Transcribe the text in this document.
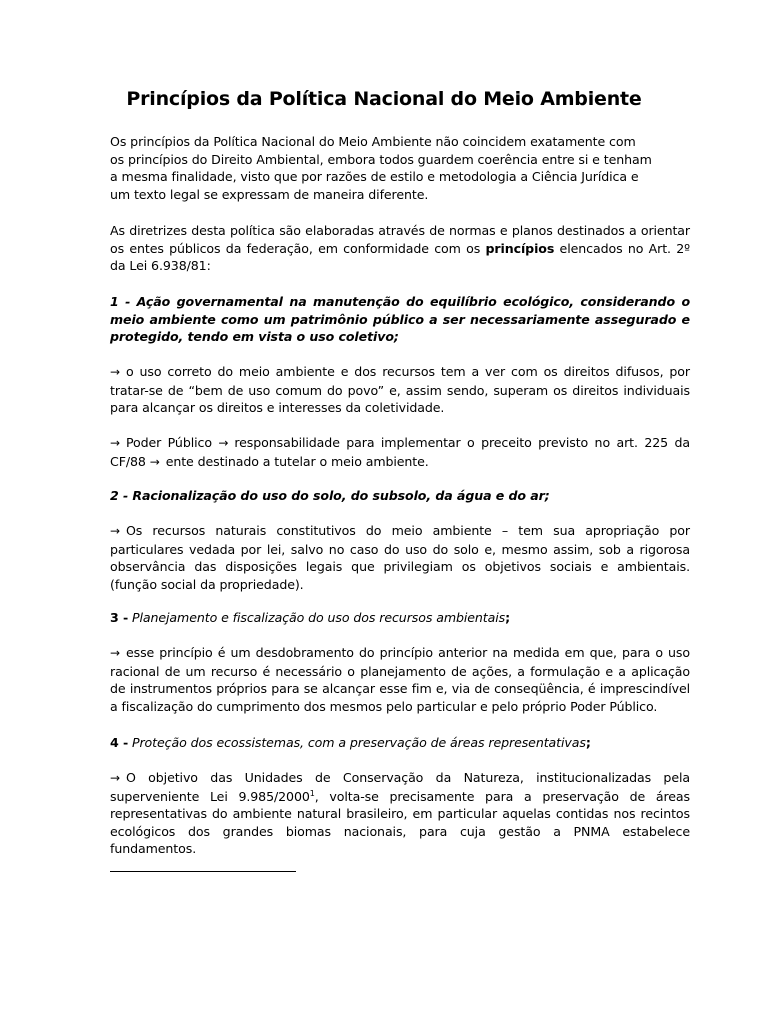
Princípios da Política Nacional do Meio Ambiente
Os princípios da Política Nacional do Meio Ambiente não coincidem exatamente com
os princípios do Direito Ambiental, embora todos guardem coerência entre si e tenham
a mesma finalidade, visto que por razões de estilo e metodologia a Ciência Jurídica e
um texto legal se expressam de maneira diferente.
As diretrizes desta política são elaboradas através de normas e planos destinados a orientar os entes públicos da federação, em conformidade com os princípios elencados no Art. 2º da Lei 6.938/81:
1 - Ação governamental na manutenção do equilíbrio ecológico, considerando o meio ambiente como um patrimônio público a ser necessariamente assegurado e protegido, tendo em vista o uso coletivo;
→ o uso correto do meio ambiente e dos recursos tem a ver com os direitos difusos, por tratar-se de “bem de uso comum do povo” e, assim sendo, superam os direitos individuais para alcançar os direitos e interesses da coletividade.
→ Poder Público → responsabilidade para implementar o preceito previsto no art. 225 da CF/88 → ente destinado a tutelar o meio ambiente.
2 - Racionalização do uso do solo, do subsolo, da água e do ar;
→ Os recursos naturais constitutivos do meio ambiente – tem sua apropriação por particulares vedada por lei, salvo no caso do uso do solo e, mesmo assim, sob a rigorosa observância das disposições legais que privilegiam os objetivos sociais e ambientais. (função social da propriedade).
3 - Planejamento e fiscalização do uso dos recursos ambientais;
→ esse princípio é um desdobramento do princípio anterior na medida em que, para o uso racional de um recurso é necessário o planejamento de ações, a formulação e a aplicação de instrumentos próprios para se alcançar esse fim e, via de conseqüência, é imprescindível a fiscalização do cumprimento dos mesmos pelo particular e pelo próprio Poder Público.
4 - Proteção dos ecossistemas, com a preservação de áreas representativas;
→ O objetivo das Unidades de Conservação da Natureza, institucionalizadas pela superveniente Lei 9.985/2000$^1$, volta-se precisamente para a preservação de áreas representativas do ambiente natural brasileiro, em particular aquelas contidas nos recintos ecológicos dos grandes biomas nacionais, para cuja gestão a PNMA estabelece fundamentos.
